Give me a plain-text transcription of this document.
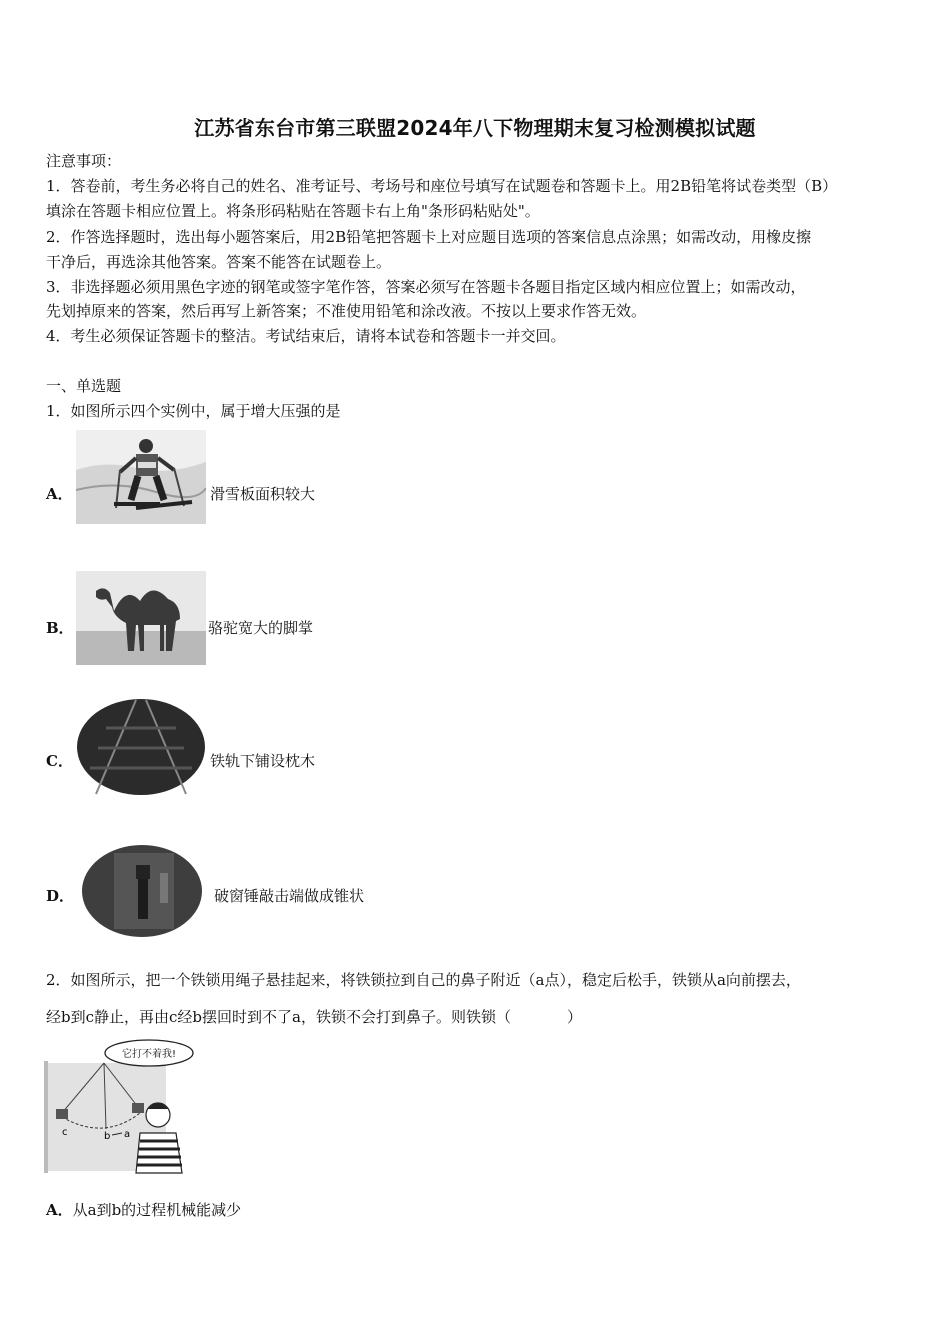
江苏省东台市第三联盟2024年八下物理期末复习检测模拟试题
注意事项：
1．答卷前，考生务必将自己的姓名、准考证号、考场号和座位号填写在试题卷和答题卡上。用2B铅笔将试卷类型（B）
填涂在答题卡相应位置上。将条形码粘贴在答题卡右上角"条形码粘贴处"。
2．作答选择题时，选出每小题答案后，用2B铅笔把答题卡上对应题目选项的答案信息点涂黑；如需改动，用橡皮擦
干净后，再选涂其他答案。答案不能答在试题卷上。
3．非选择题必须用黑色字迹的钢笔或签字笔作答，答案必须写在答题卡各题目指定区域内相应位置上；如需改动，
先划掉原来的答案，然后再写上新答案；不准使用铅笔和涂改液。不按以上要求作答无效。
4．考生必须保证答题卡的整洁。考试结束后，请将本试卷和答题卡一并交回。
一、单选题
1．如图所示四个实例中，属于增大压强的是
A．	滑雪板面积较大
B．	骆驼宽大的脚掌
C．	铁轨下铺设枕木
D．	破窗锤敲击端做成锥状
2．如图所示，把一个铁锁用绳子悬挂起来，将铁锁拉到自己的鼻子附近（a点），稳定后松手，铁锁从a向前摆去，
经b到c静止，再由c经b摆回时到不了a，铁锁不会打到鼻子。则铁锁（	）
它打不着我!
c	b a
A．从a到b的过程机械能减少
